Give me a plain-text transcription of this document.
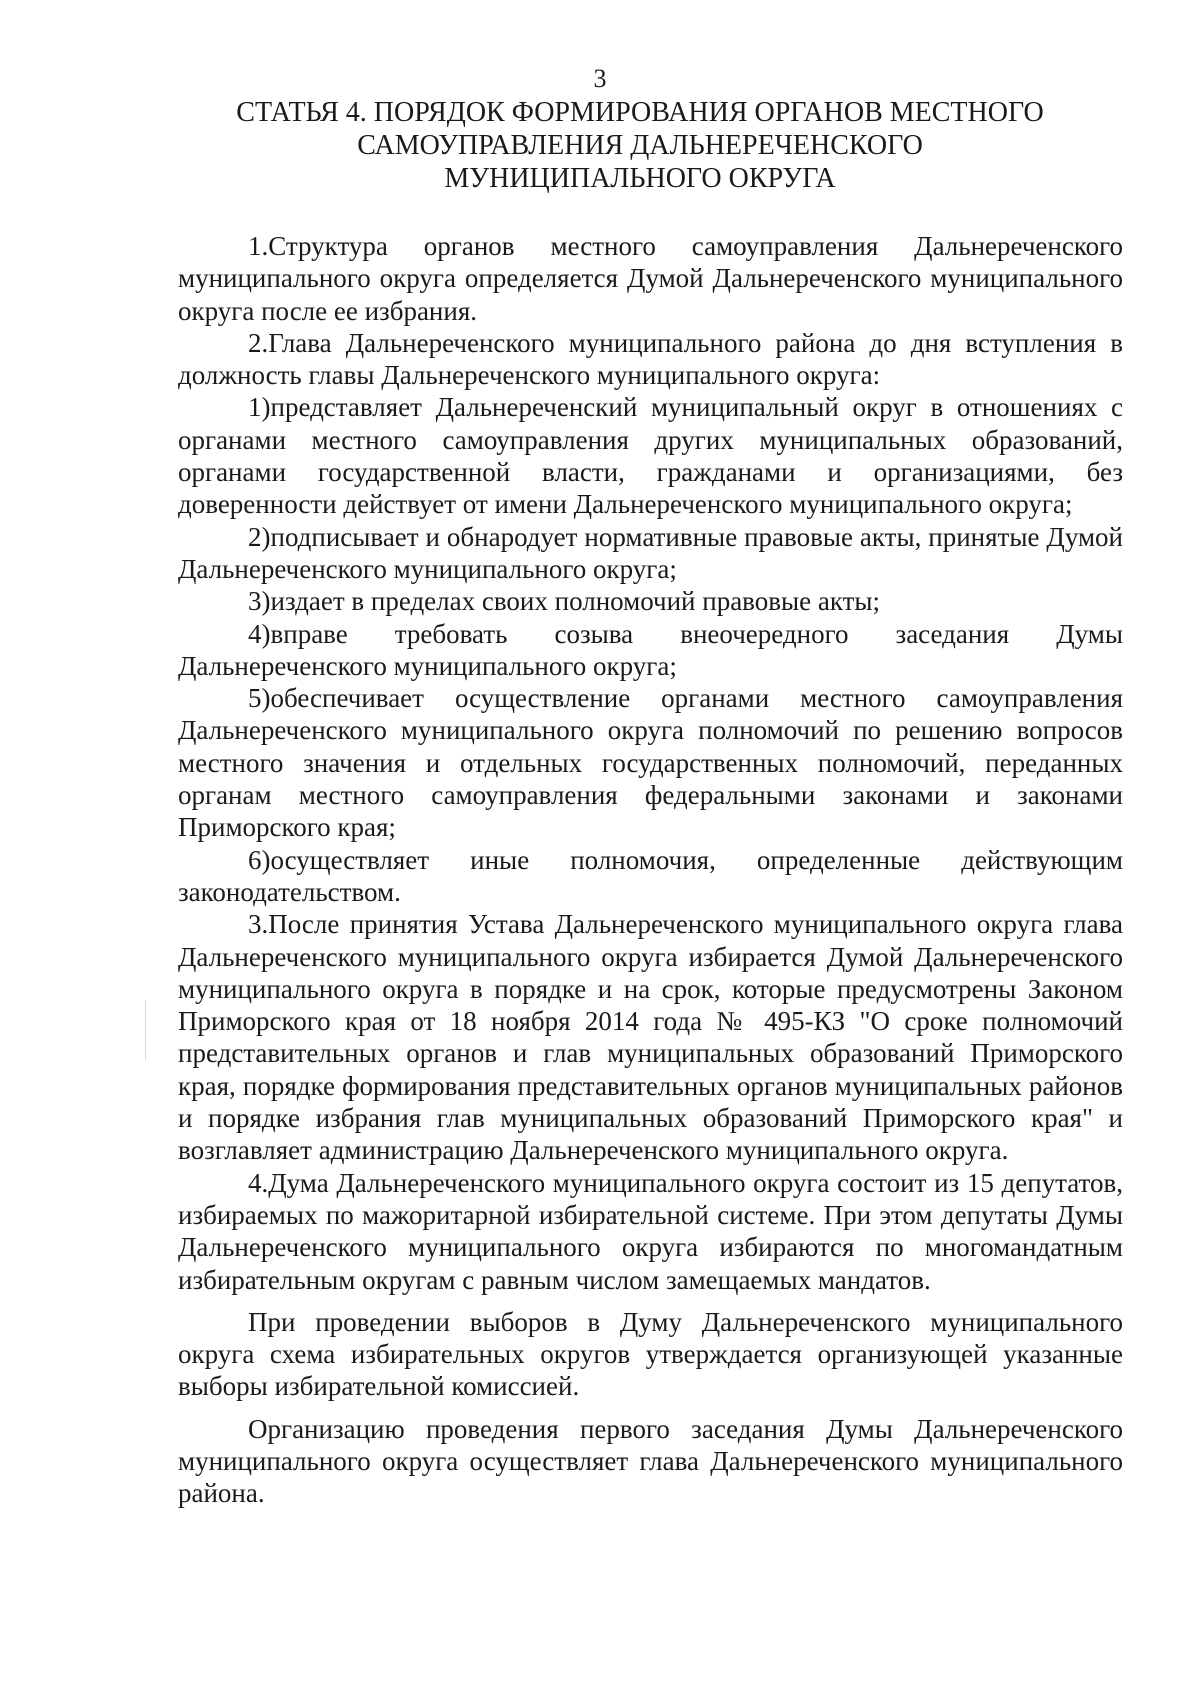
3
СТАТЬЯ 4. ПОРЯДОК ФОРМИРОВАНИЯ ОРГАНОВ МЕСТНОГО
САМОУПРАВЛЕНИЯ ДАЛЬНЕРЕЧЕНСКОГО
МУНИЦИПАЛЬНОГО ОКРУГА

1.Структура органов местного самоуправления Дальнереченского муниципального округа определяется Думой Дальнереченского муниципального округа после ее избрания.

2.Глава Дальнереченского муниципального района до дня вступления в должность главы Дальнереченского муниципального округа:

1)представляет Дальнереченский муниципальный округ в отношениях с органами местного самоуправления других муниципальных образований, органами государственной власти, гражданами и организациями, без доверенности действует от имени Дальнереченского муниципального округа;

2)подписывает и обнародует нормативные правовые акты, принятые Думой Дальнереченского муниципального округа;

3)издает в пределах своих полномочий правовые акты;

4)вправе требовать созыва внеочередного заседания Думы Дальнереченского муниципального округа;

5)обеспечивает осуществление органами местного самоуправления Дальнереченского муниципального округа полномочий по решению вопросов местного значения и отдельных государственных полномочий, переданных органам местного самоуправления федеральными законами и законами Приморского края;

6)осуществляет иные полномочия, определенные действующим законодательством.

3.После принятия Устава Дальнереченского муниципального округа глава Дальнереченского муниципального округа избирается Думой Дальнереченского муниципального округа в порядке и на срок, которые предусмотрены Законом Приморского края от 18 ноября 2014 года № 495-КЗ "О сроке полномочий представительных органов и глав муниципальных образований Приморского края, порядке формирования представительных органов муниципальных районов и порядке избрания глав муниципальных образований Приморского края" и возглавляет администрацию Дальнереченского муниципального округа.

4.Дума Дальнереченского муниципального округа состоит из 15 депутатов, избираемых по мажоритарной избирательной системе. При этом депутаты Думы Дальнереченского муниципального округа избираются по многомандатным избирательным округам с равным числом замещаемых мандатов.

При проведении выборов в Думу Дальнереченского муниципального округа схема избирательных округов утверждается организующей указанные выборы избирательной комиссией.

Организацию проведения первого заседания Думы Дальнереченского муниципального округа осуществляет глава Дальнереченского муниципального района.
